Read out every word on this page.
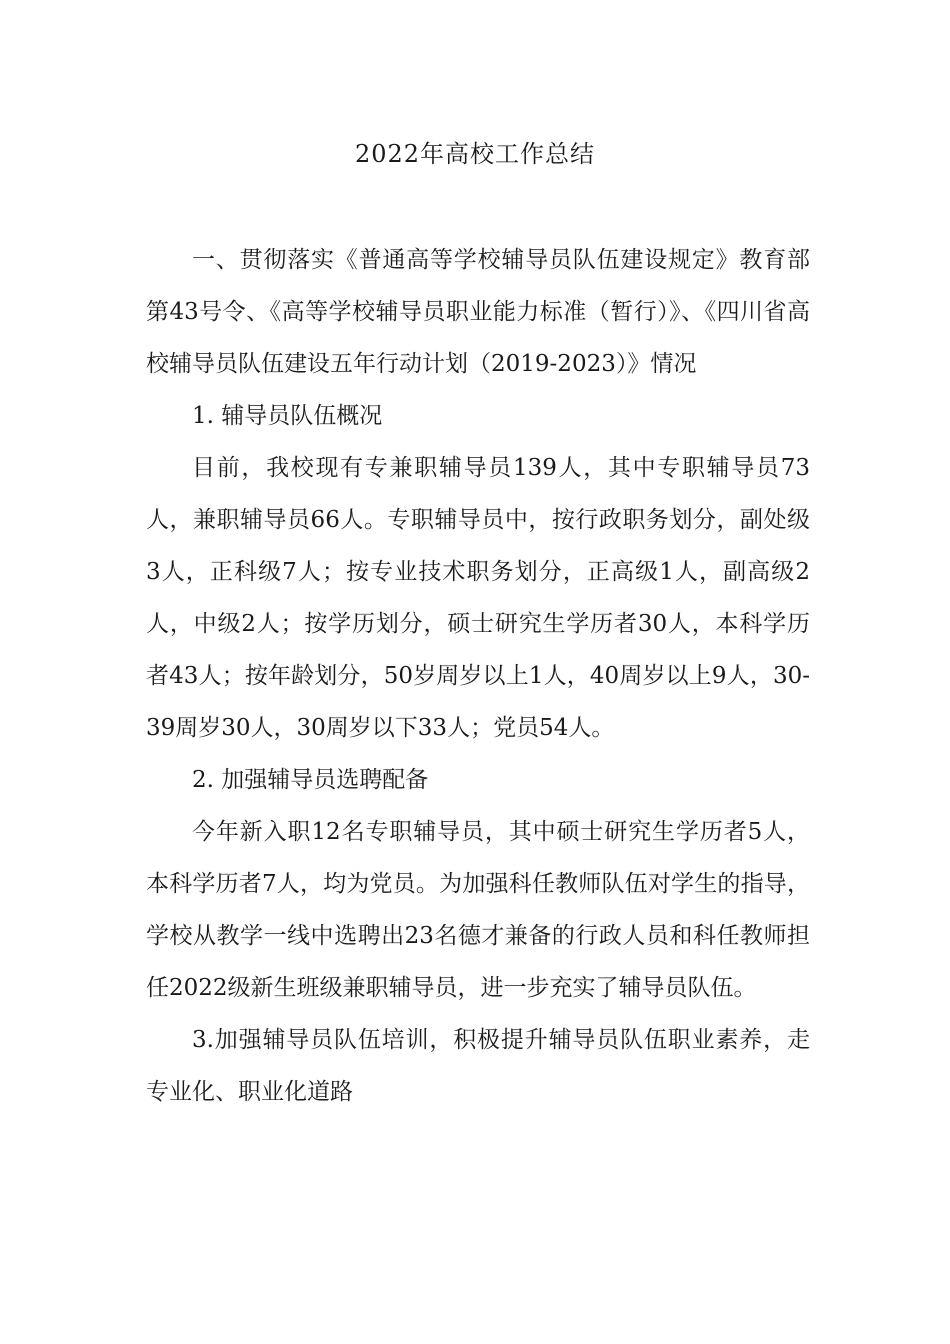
2022年高校工作总结

一、贯彻落实《普通高等学校辅导员队伍建设规定》教育部第43号令、《高等学校辅导员职业能力标准（暂行）》、《四川省高校辅导员队伍建设五年行动计划（2019-2023）》情况

1. 辅导员队伍概况

目前，我校现有专兼职辅导员139人，其中专职辅导员73人，兼职辅导员66人。专职辅导员中，按行政职务划分，副处级3人，正科级7人；按专业技术职务划分，正高级1人，副高级2人，中级2人；按学历划分，硕士研究生学历者30人，本科学历者43人；按年龄划分，50岁周岁以上1人，40周岁以上9人，30-39周岁30人，30周岁以下33人；党员54人。

2. 加强辅导员选聘配备

今年新入职12名专职辅导员，其中硕士研究生学历者5人，本科学历者7人，均为党员。为加强科任教师队伍对学生的指导，学校从教学一线中选聘出23名德才兼备的行政人员和科任教师担任2022级新生班级兼职辅导员，进一步充实了辅导员队伍。

3.加强辅导员队伍培训，积极提升辅导员队伍职业素养，走专业化、职业化道路
